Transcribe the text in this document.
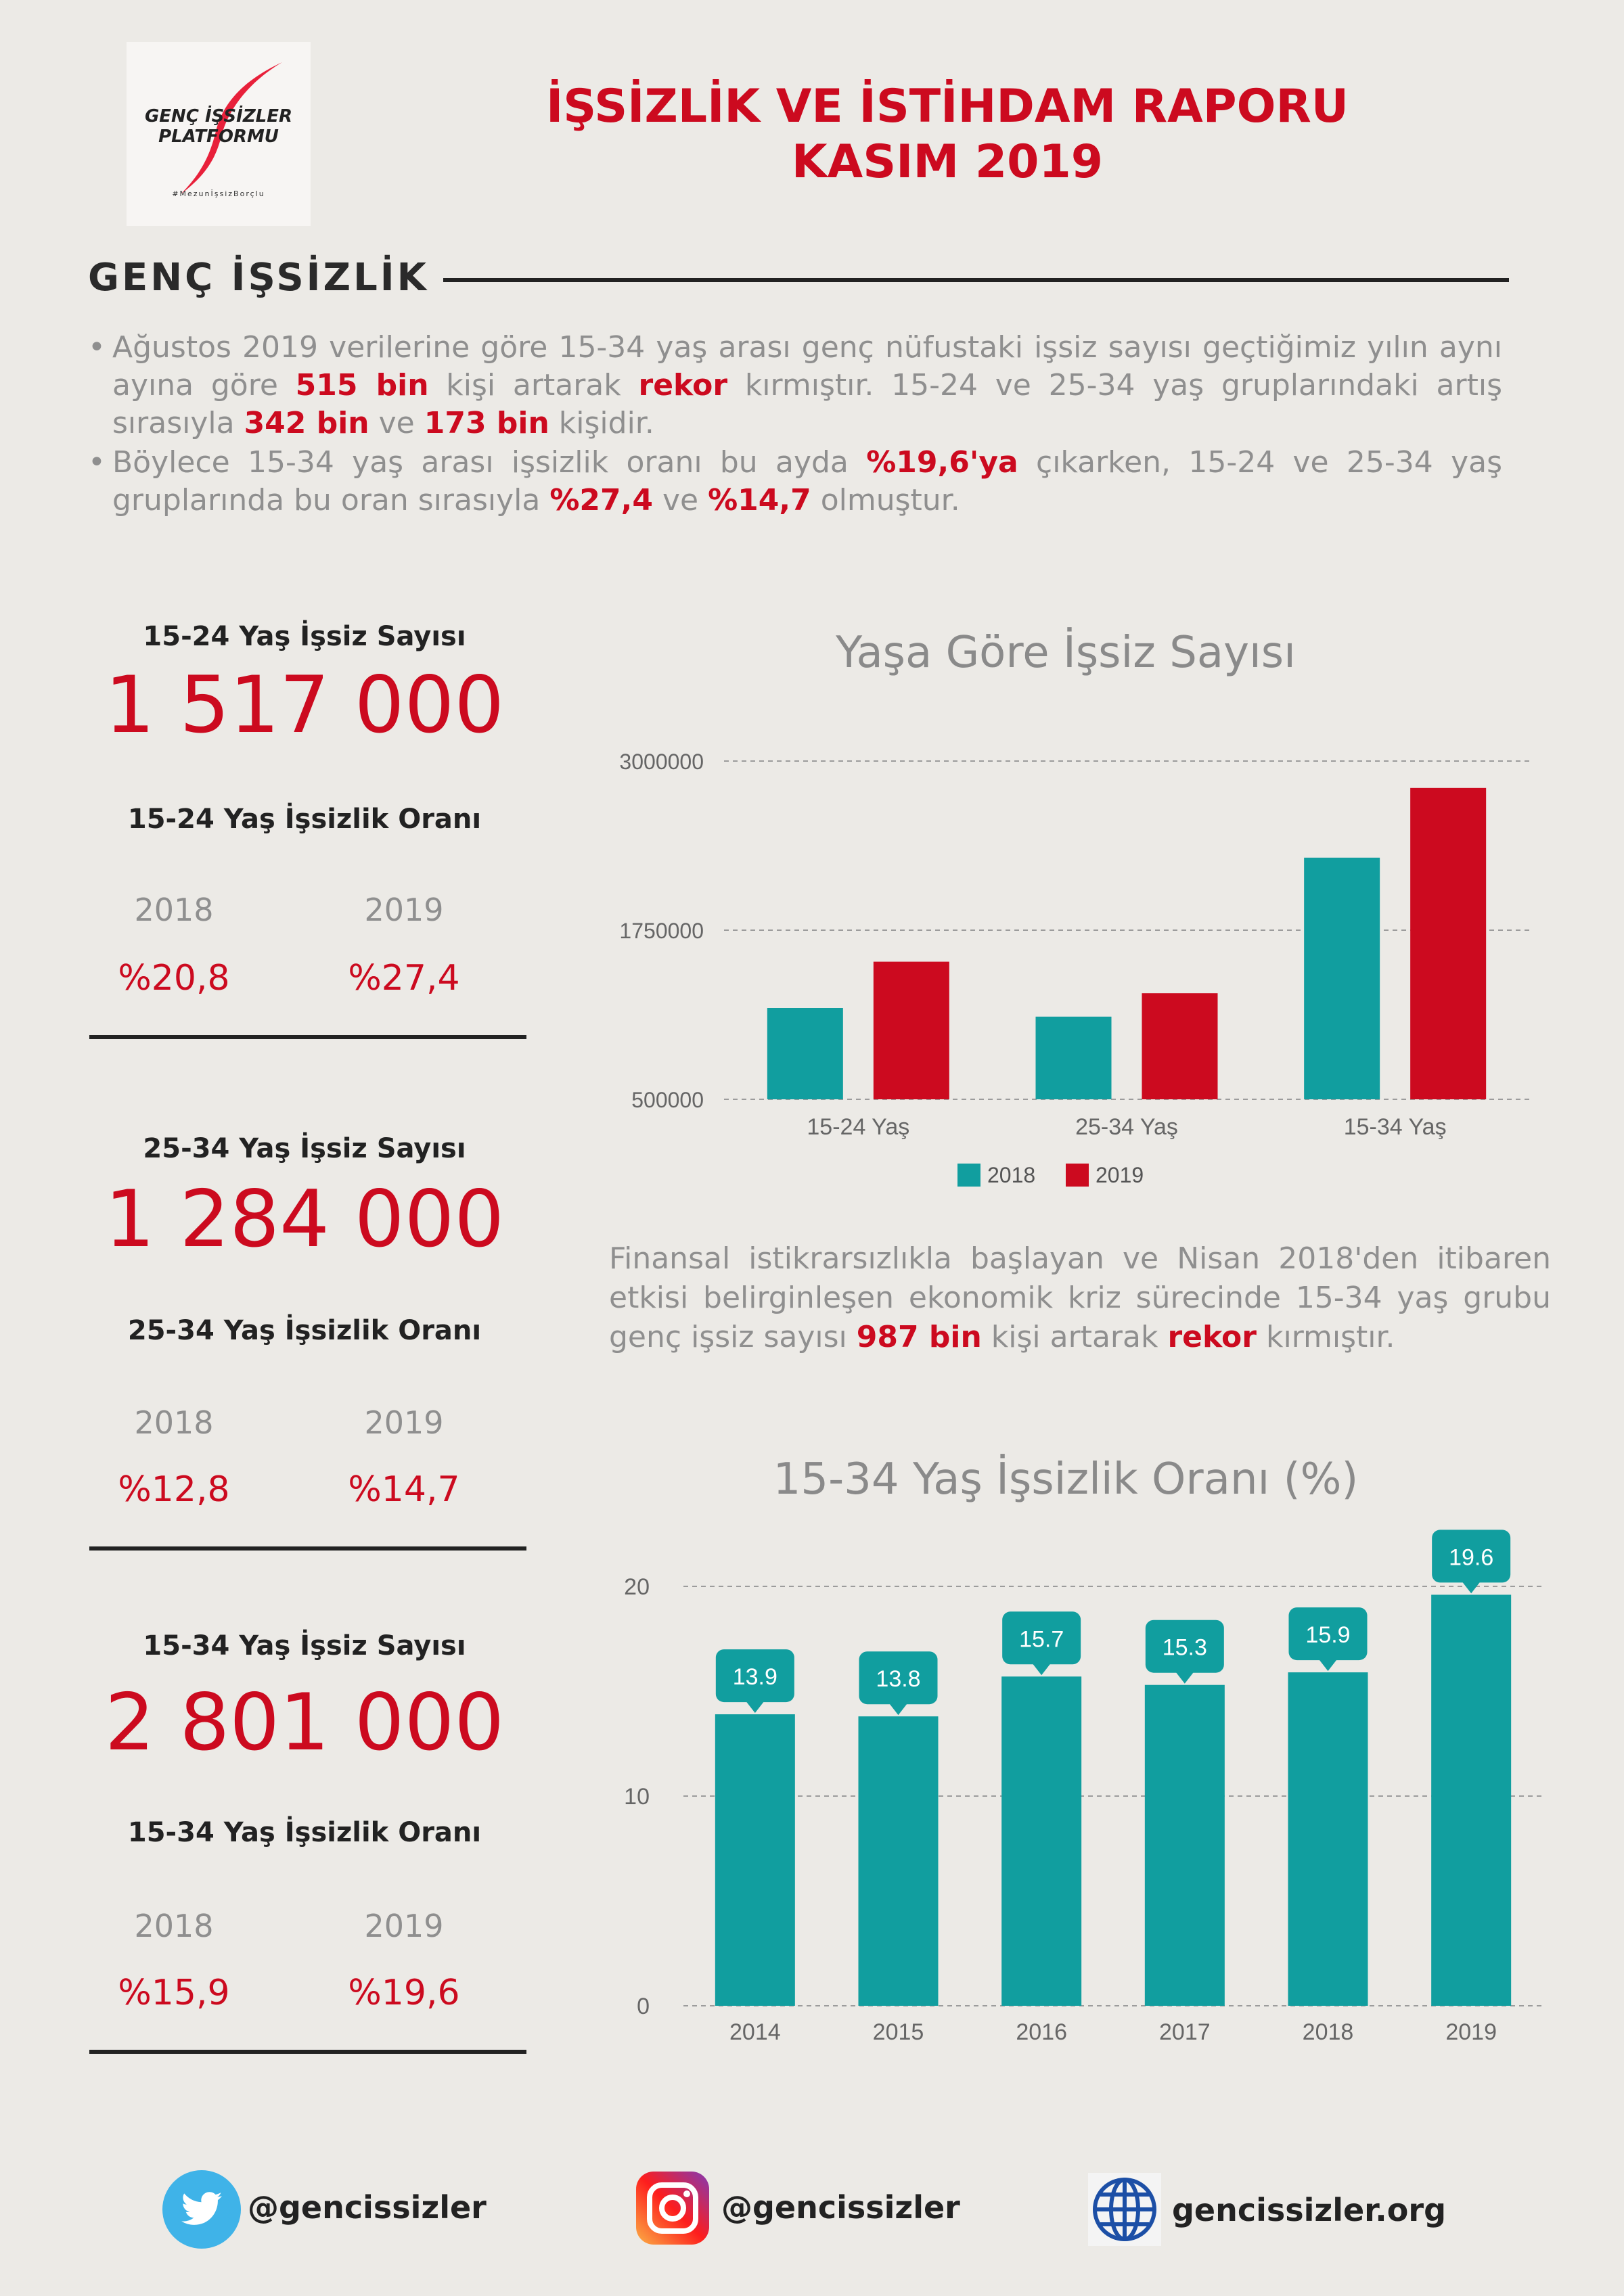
GENÇ İŞSİZLER
PLATFORMU
#MezunİşsizBorçlu
İŞSİZLİK VE İSTİHDAM RAPORU
KASIM 2019
GENÇ İŞSİZLİK
• Ağustos 2019 verilerine göre 15-34 yaş arası genç nüfustaki işsiz sayısı geçtiğimiz yılın aynı ayına göre 515 bin kişi artarak rekor kırmıştır. 15-24 ve 25-34 yaş gruplarındaki artış sırasıyla 342 bin ve 173 bin kişidir.
• Böylece 15-34 yaş arası işsizlik oranı bu ayda %19,6'ya çıkarken, 15-24 ve 25-34 yaş gruplarında bu oran sırasıyla %27,4 ve %14,7 olmuştur.
15-24 Yaş İşsiz Sayısı
1 517 000
15-24 Yaş İşsizlik Oranı
2018	2019
%20,8	%27,4
25-34 Yaş İşsiz Sayısı
1 284 000
25-34 Yaş İşsizlik Oranı
2018	2019
%12,8	%14,7
15-34 Yaş İşsiz Sayısı
2 801 000
15-34 Yaş İşsizlik Oranı
2018	2019
%15,9	%19,6
Yaşa Göre İşsiz Sayısı
500000
1750000
3000000
15-24 Yaş	25-34 Yaş	15-34 Yaş
2018	2019
Finansal istikrarsızlıkla başlayan ve Nisan 2018'den itibaren etkisi belirginleşen ekonomik kriz sürecinde 15-34 yaş grubu genç işsiz sayısı 987 bin kişi artarak rekor kırmıştır.
15-34 Yaş İşsizlik Oranı (%)
0
10
20
13.9
2014
13.8
2015
15.7
2016
15.3
2017
15.9
2018
19.6
2019
@gencissizler	@gencissizler	gencissizler.org
